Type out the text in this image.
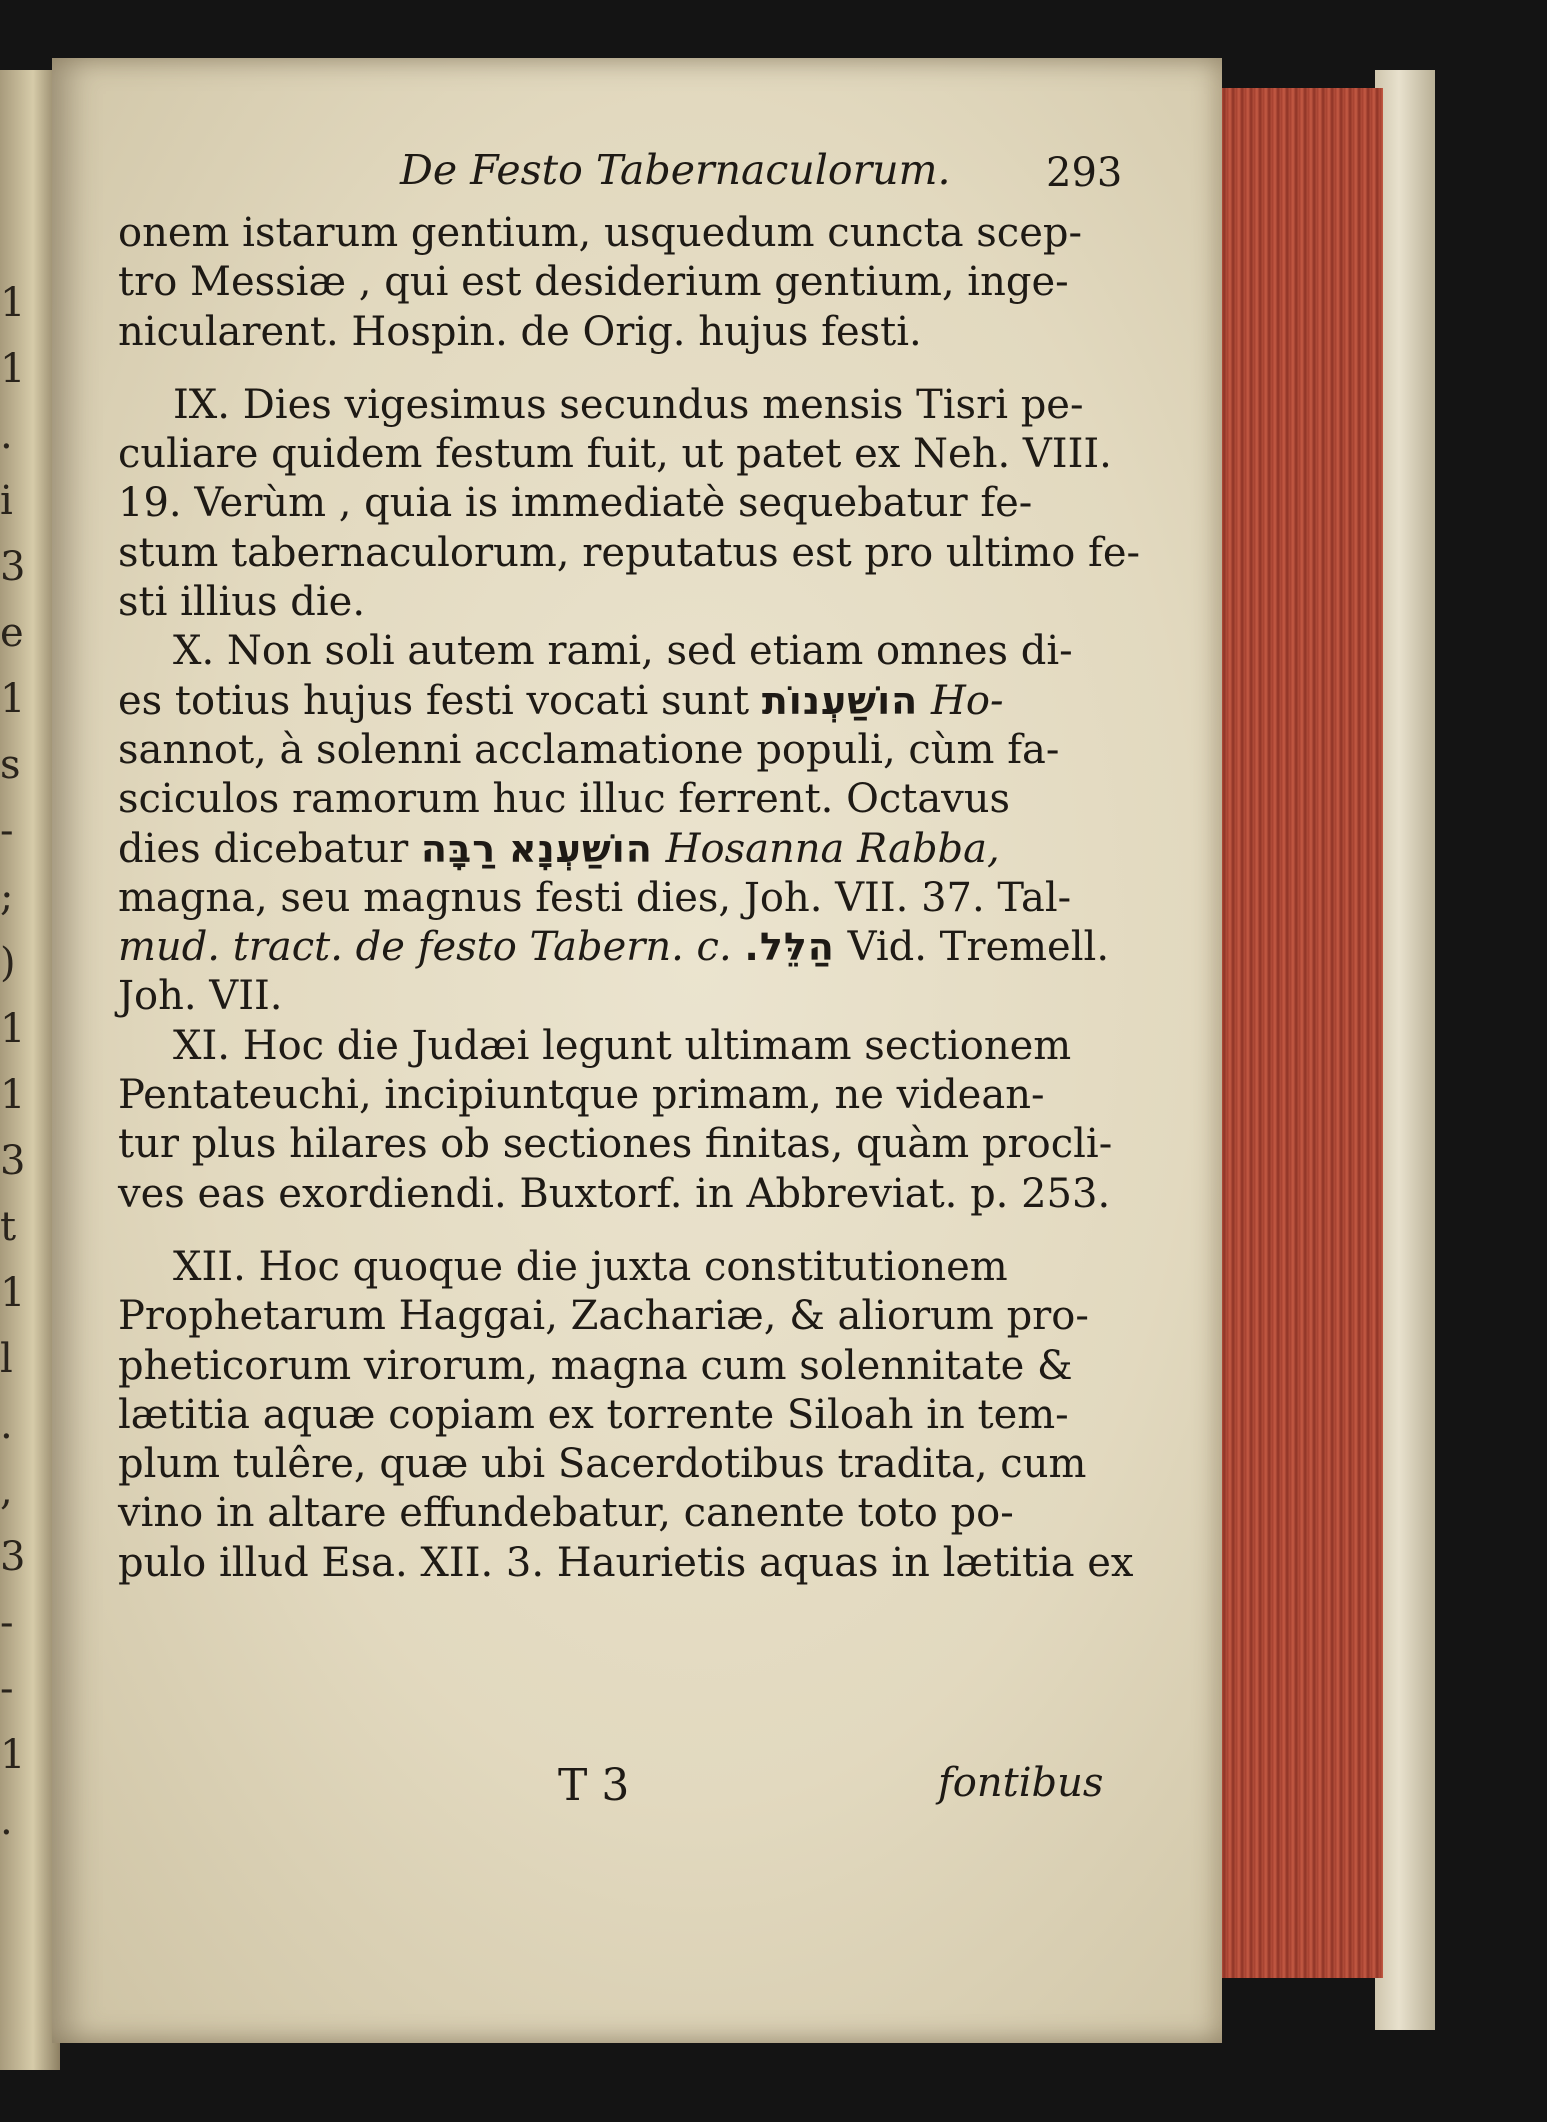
1
1
.
i
3
e
1
s
-
;
)
1
1
3
t
1
l
.
,
3
-
-
1
.
De Festo Tabernaculorum. 293
onem istarum gentium, usquedum cuncta scep-
tro Messiæ , qui est desiderium gentium, inge-
nicularent. Hospin. de Orig. hujus festi.
IX. Dies vigesimus secundus mensis Tisri pe-
culiare quidem festum fuit, ut patet ex Neh. VIII.
19. Verùm , quia is immediatè sequebatur fe-
stum tabernaculorum, reputatus est pro ultimo fe-
sti illius die.
X. Non soli autem rami, sed etiam omnes di-
es totius hujus festi vocati sunt הוֹשַׁעְנוֹת Ho-
sannot, à solenni acclamatione populi, cùm fa-
sciculos ramorum huc illuc ferrent. Octavus
dies dicebatur רַבָּה הוֹשַׁעְנָא Hosanna Rabba,
magna, seu magnus festi dies, Joh. VII. 37. Tal-
mud. tract. de festo Tabern. c. הַלֵּל. Vid. Tremell.
Joh. VII.
XI. Hoc die Judæi legunt ultimam sectionem
Pentateuchi, incipiuntque primam, ne videan-
tur plus hilares ob sectiones finitas, quàm procli-
ves eas exordiendi. Buxtorf. in Abbreviat. p. 253.
XII. Hoc quoque die juxta constitutionem
Prophetarum Haggai, Zachariæ, & aliorum pro-
pheticorum virorum, magna cum solennitate &
lætitia aquæ copiam ex torrente Siloah in tem-
plum tulêre, quæ ubi Sacerdotibus tradita, cum
vino in altare effundebatur, canente toto po-
pulo illud Esa. XII. 3. Haurietis aquas in lætitia ex
T 3	fontibus
